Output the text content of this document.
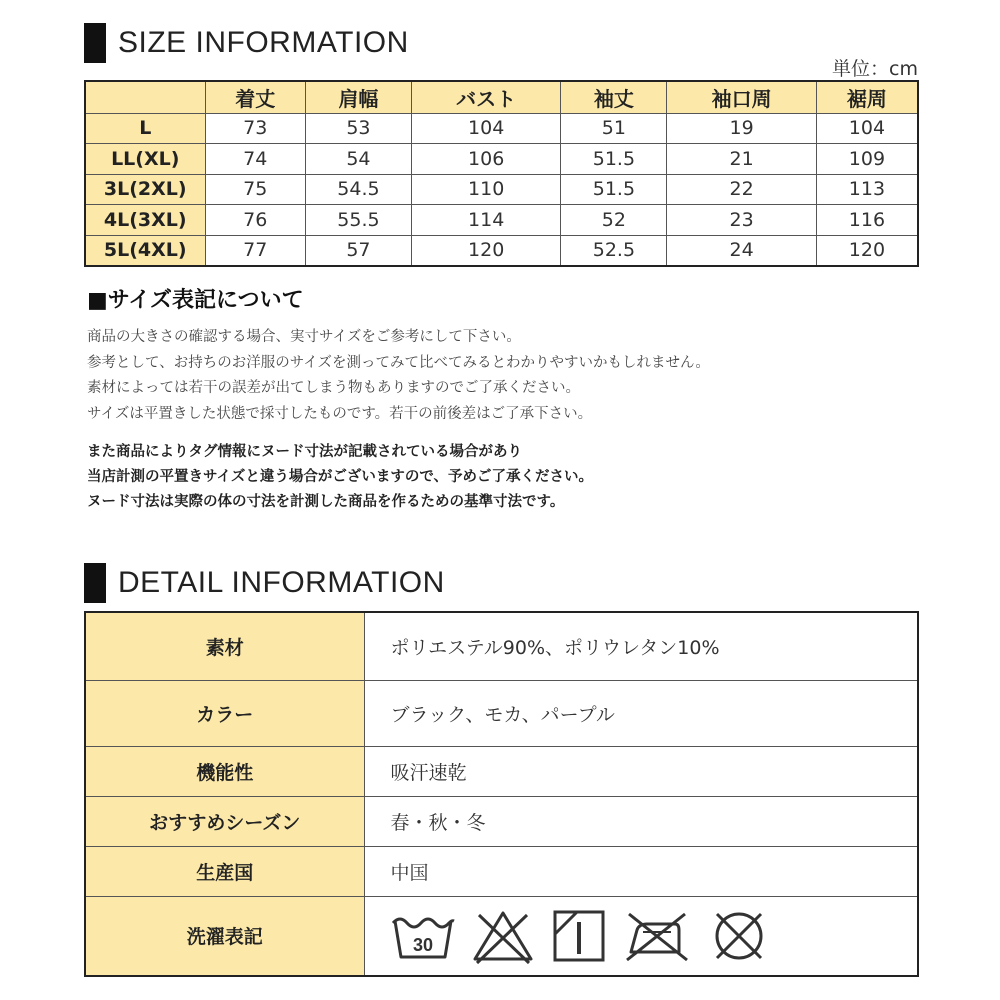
SIZE INFORMATION
単位：cm
	着丈	肩幅	バスト	袖丈	袖口周	裾周
L	73	53	104	51	19	104
LL(XL)	74	54	106	51.5	21	109
3L(2XL)	75	54.5	110	51.5	22	113
4L(3XL)	76	55.5	114	52	23	116
5L(4XL)	77	57	120	52.5	24	120
■サイズ表記について
商品の大きさの確認する場合、実寸サイズをご参考にして下さい。
参考として、お持ちのお洋服のサイズを測ってみて比べてみるとわかりやすいかもしれません。
素材によっては若干の誤差が出てしまう物もありますのでご了承ください。
サイズは平置きした状態で採寸したものです。若干の前後差はご了承下さい。
また商品によりタグ情報にヌード寸法が記載されている場合があり
当店計測の平置きサイズと違う場合がございますので、予めご了承ください。
ヌード寸法は実際の体の寸法を計測した商品を作るための基準寸法です。
DETAIL INFORMATION
素材	ポリエステル90%、ポリウレタン10%
カラー	ブラック、モカ、パープル
機能性	吸汗速乾
おすすめシーズン	春・秋・冬
生産国	中国
洗濯表記	30
